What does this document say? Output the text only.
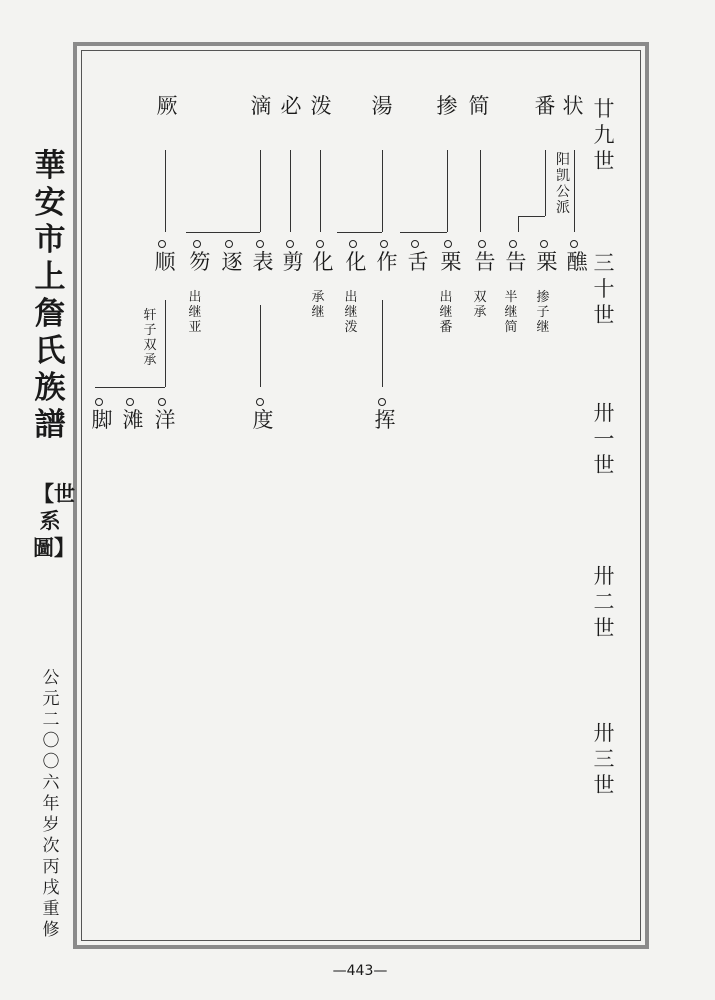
華安市上詹氏族譜
【世系圖】
公元二〇〇六年岁次丙戌重修
廿九世
三十世
卅一世
卅二世
卅三世
状
番
简
掺
湯
泼
必
滴
厥
阳凯公派
醮
栗
告
告
栗
舌
作
化
化
剪
表
逐
笏
顺
掺子继
半继简
双承
出继番
出继泼
承继
出继亚
轩子双承
挥
度
洋
滩
脚
—443—
